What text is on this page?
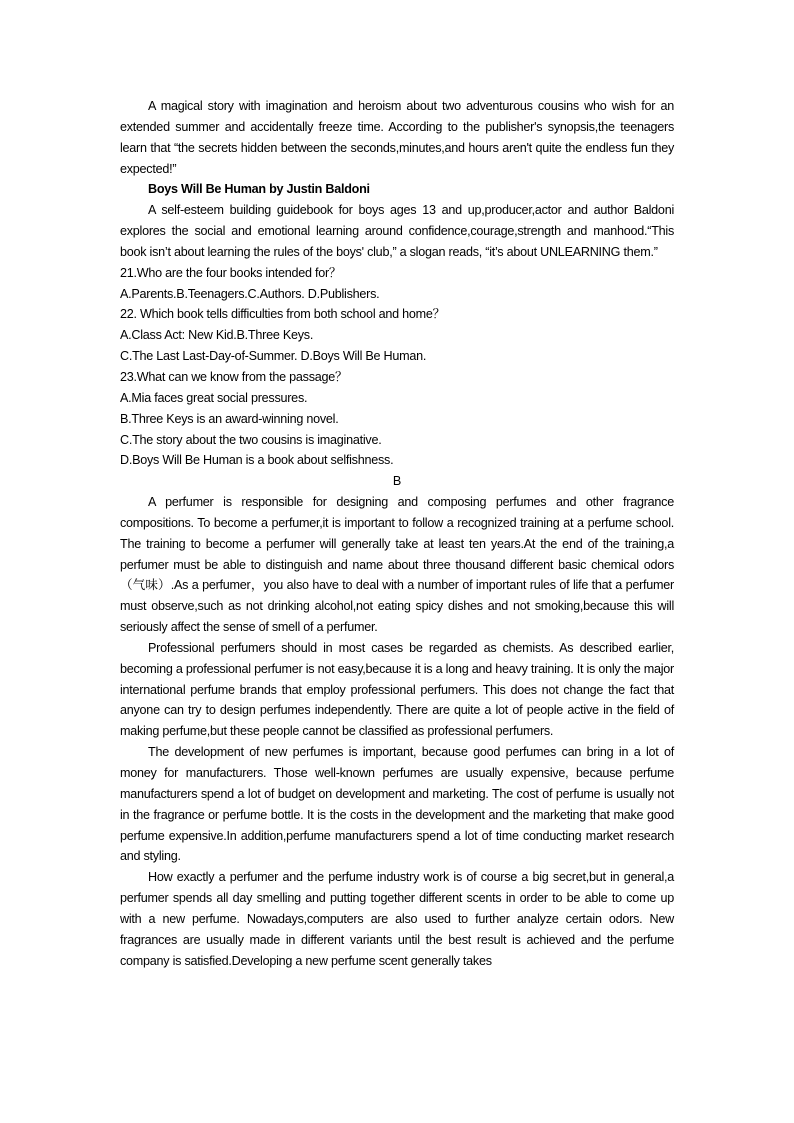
A magical story with imagination and heroism about two adventurous cousins who wish for an extended summer and accidentally freeze time. According to the publisher's synopsis,the teenagers learn that “the secrets hidden between the seconds,minutes,and hours aren't quite the endless fun they expected!”

Boys Will Be Human by Justin Baldoni

A self-esteem building guidebook for boys ages 13 and up,producer,actor and author Baldoni explores the social and emotional learning around confidence,courage,strength and manhood.“This book isn’t about learning the rules of the boys' club,” a slogan reads, “it’s about UNLEARNING them.”

21.Who are the four books intended for？

A.Parents.B.Teenagers.C.Authors. D.Publishers.

22. Which book tells difficulties from both school and home？

A.Class Act: New Kid.B.Three Keys.

C.The Last Last-Day-of-Summer. D.Boys Will Be Human.

23.What can we know from the passage？

A.Mia faces great social pressures.

B.Three Keys is an award-winning novel.

C.The story about the two cousins is imaginative.

D.Boys Will Be Human is a book about selfishness.

B

A perfumer is responsible for designing and composing perfumes and other fragrance compositions. To become a perfumer,it is important to follow a recognized training at a perfume school. The training to become a perfumer will generally take at least ten years.At the end of the training,a perfumer must be able to distinguish and name about three thousand different basic chemical odors（气味）.As a perfumer，you also have to deal with a number of important rules of life that a perfumer must observe,such as not drinking alcohol,not eating spicy dishes and not smoking,because this will seriously affect the sense of smell of a perfumer.

Professional perfumers should in most cases be regarded as chemists. As described earlier, becoming a professional perfumer is not easy,because it is a long and heavy training. It is only the major international perfume brands that employ professional perfumers. This does not change the fact that anyone can try to design perfumes independently. There are quite a lot of people active in the field of making perfume,but these people cannot be classified as professional perfumers.

The development of new perfumes is important, because good perfumes can bring in a lot of money for manufacturers. Those well-known perfumes are usually expensive, because perfume manufacturers spend a lot of budget on development and marketing. The cost of perfume is usually not in the fragrance or perfume bottle. It is the costs in the development and the marketing that make good perfume expensive.In addition,perfume manufacturers spend a lot of time conducting market research and styling.

How exactly a perfumer and the perfume industry work is of course a big secret,but in general,a perfumer spends all day smelling and putting together different scents in order to be able to come up with a new perfume. Nowadays,computers are also used to further analyze certain odors. New fragrances are usually made in different variants until the best result is achieved and the perfume company is satisfied.Developing a new perfume scent generally takes
